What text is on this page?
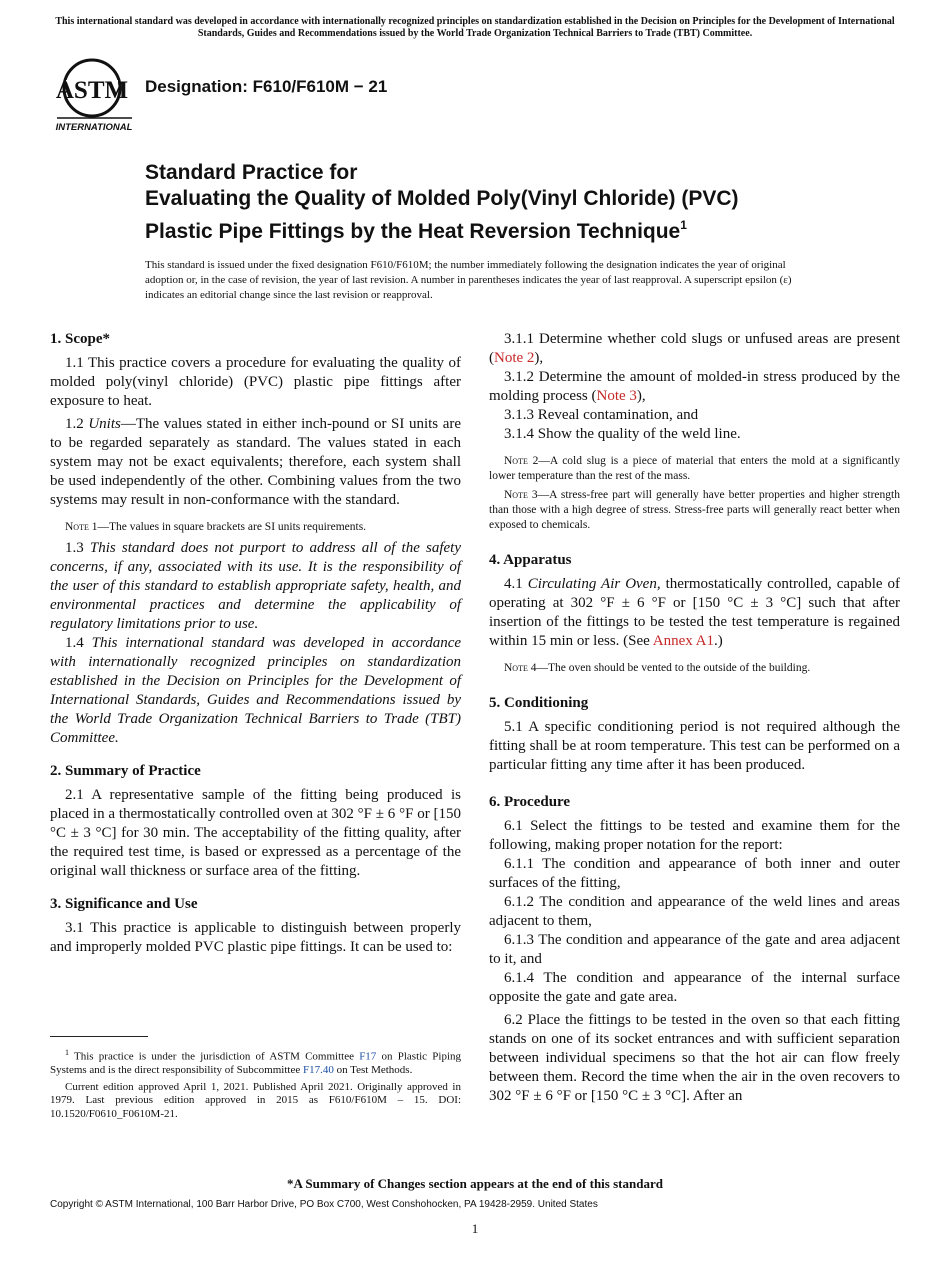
This international standard was developed in accordance with internationally recognized principles on standardization established in the Decision on Principles for the Development of International Standards, Guides and Recommendations issued by the World Trade Organization Technical Barriers to Trade (TBT) Committee.
ASTM
INTERNATIONAL
Designation: F610/F610M − 21
Standard Practice for
Evaluating the Quality of Molded Poly(Vinyl Chloride) (PVC)
Plastic Pipe Fittings by the Heat Reversion Technique$^1$
This standard is issued under the fixed designation F610/F610M; the number immediately following the designation indicates the year of original adoption or, in the case of revision, the year of last revision. A number in parentheses indicates the year of last reapproval. A superscript epsilon (ε) indicates an editorial change since the last revision or reapproval.
1. Scope*

1.1 This practice covers a procedure for evaluating the quality of molded poly(vinyl chloride) (PVC) plastic pipe fittings after exposure to heat.

1.2 Units—The values stated in either inch-pound or SI units are to be regarded separately as standard. The values stated in each system may not be exact equivalents; therefore, each system shall be used independently of the other. Combining values from the two systems may result in non-conformance with the standard.

Note 1—The values in square brackets are SI units requirements.

1.3 This standard does not purport to address all of the safety concerns, if any, associated with its use. It is the responsibility of the user of this standard to establish appropriate safety, health, and environmental practices and determine the applicability of regulatory limitations prior to use.

1.4 This international standard was developed in accordance with internationally recognized principles on standardization established in the Decision on Principles for the Development of International Standards, Guides and Recommendations issued by the World Trade Organization Technical Barriers to Trade (TBT) Committee.

2. Summary of Practice

2.1 A representative sample of the fitting being produced is placed in a thermostatically controlled oven at 302 °F ± 6 °F or [150 °C ± 3 °C] for 30 min. The acceptability of the fitting quality, after the required test time, is based or expressed as a percentage of the original wall thickness or surface area of the fitting.

3. Significance and Use

3.1 This practice is applicable to distinguish between properly and improperly molded PVC plastic pipe fittings. It can be used to:

$^1$ This practice is under the jurisdiction of ASTM Committee F17 on Plastic Piping Systems and is the direct responsibility of Subcommittee F17.40 on Test Methods.

Current edition approved April 1, 2021. Published April 2021. Originally approved in 1979. Last previous edition approved in 2015 as F610/F610M – 15. DOI: 10.1520/F0610_F0610M-21.

3.1.1 Determine whether cold slugs or unfused areas are present (Note 2),

3.1.2 Determine the amount of molded-in stress produced by the molding process (Note 3),

3.1.3 Reveal contamination, and

3.1.4 Show the quality of the weld line.

Note 2—A cold slug is a piece of material that enters the mold at a significantly lower temperature than the rest of the mass.

Note 3—A stress-free part will generally have better properties and higher strength than those with a high degree of stress. Stress-free parts will generally react better when exposed to chemicals.

4. Apparatus

4.1 Circulating Air Oven, thermostatically controlled, capable of operating at 302 °F ± 6 °F or [150 °C ± 3 °C] such that after insertion of the fittings to be tested the test temperature is regained within 15 min or less. (See Annex A1.)

Note 4—The oven should be vented to the outside of the building.

5. Conditioning

5.1 A specific conditioning period is not required although the fitting shall be at room temperature. This test can be performed on a particular fitting any time after it has been produced.

6. Procedure

6.1 Select the fittings to be tested and examine them for the following, making proper notation for the report:

6.1.1 The condition and appearance of both inner and outer surfaces of the fitting,

6.1.2 The condition and appearance of the weld lines and areas adjacent to them,

6.1.3 The condition and appearance of the gate and area adjacent to it, and

6.1.4 The condition and appearance of the internal surface opposite the gate and gate area.

6.2 Place the fittings to be tested in the oven so that each fitting stands on one of its socket entrances and with sufficient separation between individual specimens so that the hot air can flow freely between them. Record the time when the air in the oven recovers to 302 °F ± 6 °F or [150 °C ± 3 °C]. After an

*A Summary of Changes section appears at the end of this standard
Copyright © ASTM International, 100 Barr Harbor Drive, PO Box C700, West Conshohocken, PA 19428-2959. United States
1
